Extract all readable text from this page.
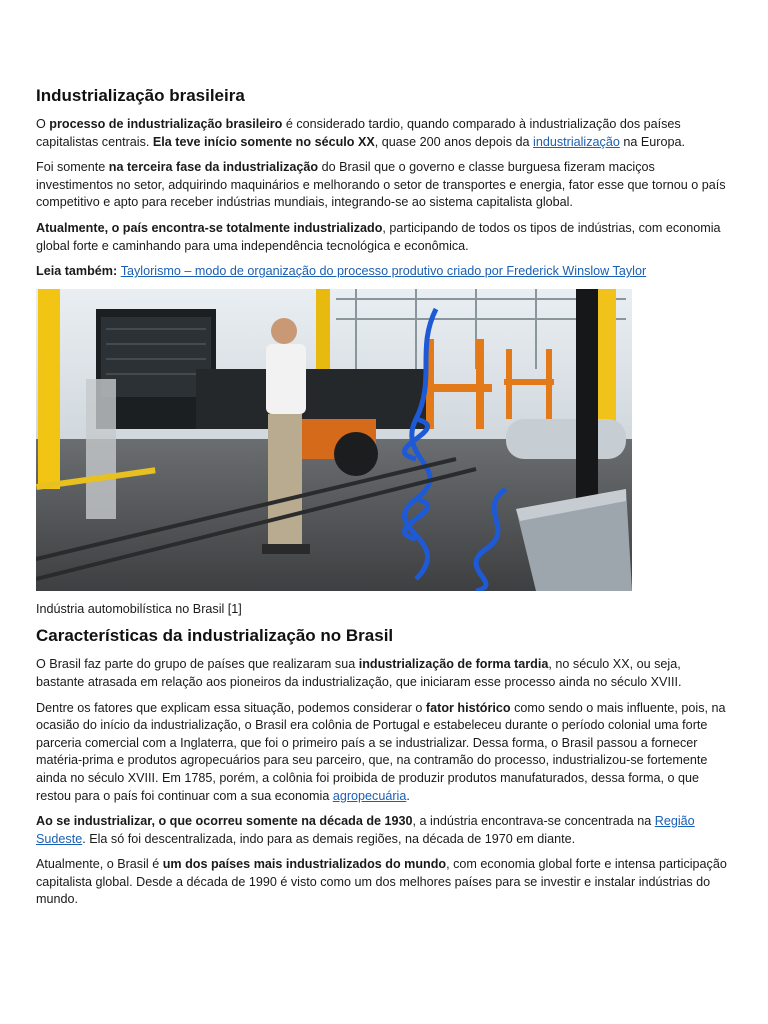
Industrialização brasileira

O processo de industrialização brasileiro é considerado tardio, quando comparado à industrialização dos países capitalistas centrais. Ela teve início somente no século XX, quase 200 anos depois da industrialização na Europa.

Foi somente na terceira fase da industrialização do Brasil que o governo e classe burguesa fizeram maciços investimentos no setor, adquirindo maquinários e melhorando o setor de transportes e energia, fator esse que tornou o país competitivo e apto para receber indústrias mundiais, integrando-se ao sistema capitalista global.

Atualmente, o país encontra-se totalmente industrializado, participando de todos os tipos de indústrias, com economia global forte e caminhando para uma independência tecnológica e econômica.

Leia também: Taylorismo – modo de organização do processo produtivo criado por Frederick Winslow Taylor

Indústria automobilística no Brasil [1]

Características da industrialização no Brasil

O Brasil faz parte do grupo de países que realizaram sua industrialização de forma tardia, no século XX, ou seja, bastante atrasada em relação aos pioneiros da industrialização, que iniciaram esse processo ainda no século XVIII.

Dentre os fatores que explicam essa situação, podemos considerar o fator histórico como sendo o mais influente, pois, na ocasião do início da industrialização, o Brasil era colônia de Portugal e estabeleceu durante o período colonial uma forte parceria comercial com a Inglaterra, que foi o primeiro país a se industrializar. Dessa forma, o Brasil passou a fornecer matéria-prima e produtos agropecuários para seu parceiro, que, na contramão do processo, industrializou-se fortemente ainda no século XVIII. Em 1785, porém, a colônia foi proibida de produzir produtos manufaturados, dessa forma, o que restou para o país foi continuar com a sua economia agropecuária.

Ao se industrializar, o que ocorreu somente na década de 1930, a indústria encontrava-se concentrada na Região Sudeste. Ela só foi descentralizada, indo para as demais regiões, na década de 1970 em diante.

Atualmente, o Brasil é um dos países mais industrializados do mundo, com economia global forte e intensa participação capitalista global. Desde a década de 1990 é visto como um dos melhores países para se investir e instalar indústrias do mundo.
